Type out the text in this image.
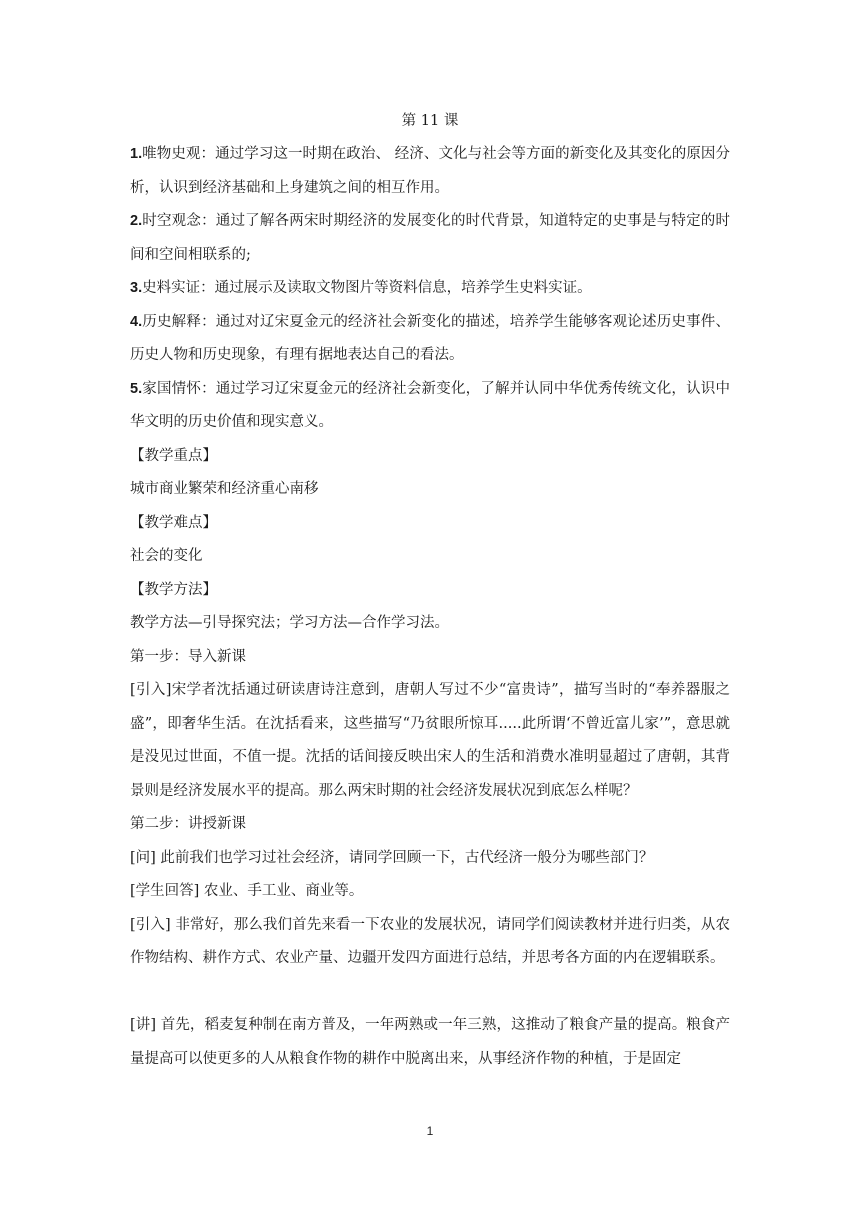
第 11 课

1.唯物史观：通过学习这一时期在政治、 经济、文化与社会等方面的新变化及其变化的原因分析，认识到经济基础和上身建筑之间的相互作用。

2.时空观念：通过了解各两宋时期经济的发展变化的时代背景，知道特定的史事是与特定的时间和空间相联系的;

3.史料实证：通过展示及读取文物图片等资料信息，培养学生史料实证。

4.历史解释：通过对辽宋夏金元的经济社会新变化的描述，培养学生能够客观论述历史事件、历史人物和历史现象，有理有据地表达自己的看法。

5.家国情怀：通过学习辽宋夏金元的经济社会新变化，了解并认同中华优秀传统文化，认识中华文明的历史价值和现实意义。

【教学重点】

城市商业繁荣和经济重心南移

【教学难点】

社会的变化

【教学方法】

教学方法—引导探究法；学习方法—合作学习法。

第一步：导入新课

[引入]宋学者沈括通过研读唐诗注意到，唐朝人写过不少“富贵诗”，描写当时的“奉养器服之盛”，即奢华生活。在沈括看来，这些描写“乃贫眼所惊耳.....此所谓‘不曾近富儿家’”，意思就是没见过世面，不值一提。沈括的话间接反映出宋人的生活和消费水准明显超过了唐朝，其背景则是经济发展水平的提高。那么两宋时期的社会经济发展状况到底怎么样呢？

第二步：讲授新课

[问] 此前我们也学习过社会经济，请同学回顾一下，古代经济一般分为哪些部门？

[学生回答] 农业、手工业、商业等。

[引入] 非常好，那么我们首先来看一下农业的发展状况，请同学们阅读教材并进行归类，从农作物结构、耕作方式、农业产量、边疆开发四方面进行总结，并思考各方面的内在逻辑联系。

[讲] 首先，稻麦复种制在南方普及，一年两熟或一年三熟，这推动了粮食产量的提高。粮食产量提高可以使更多的人从粮食作物的耕作中脱离出来，从事经济作物的种植，于是固定

1
